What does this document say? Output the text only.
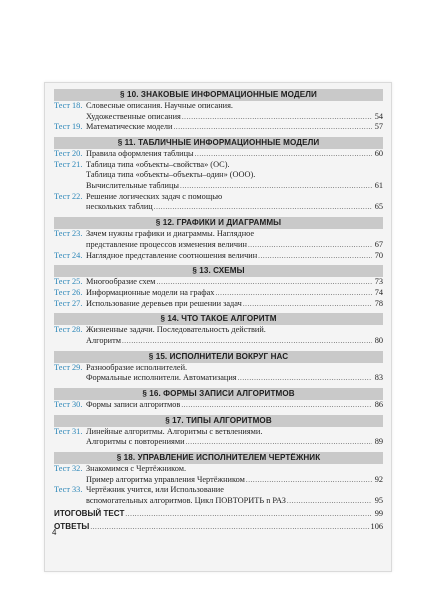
§ 10. ЗНАКОВЫЕ ИНФОРМАЦИОННЫЕ МОДЕЛИ
Тест 18. Словесные описания. Научные описания.
Художественные описания .....	54
Тест 19. Математические модели .....	57
§ 11. ТАБЛИЧНЫЕ ИНФОРМАЦИОННЫЕ МОДЕЛИ
Тест 20. Правила оформления таблицы .....	60
Тест 21. Таблица типа «объекты–свойства» (ОС).
Таблица типа «объекты–объекты–один» (ООО).
Вычислительные таблицы .....	61
Тест 22. Решение логических задач с помощью
нескольких таблиц .....	65
§ 12. ГРАФИКИ И ДИАГРАММЫ
Тест 23. Зачем нужны графики и диаграммы. Наглядное
представление процессов изменения величин .....	67
Тест 24. Наглядное представление соотношения величин .....	70
§ 13. СХЕМЫ
Тест 25. Многообразие схем .....	73
Тест 26. Информационные модели на графах .....	74
Тест 27. Использование деревьев при решении задач .....	78
§ 14. ЧТО ТАКОЕ АЛГОРИТМ
Тест 28. Жизненные задачи. Последовательность действий.
Алгоритм .....	80
§ 15. ИСПОЛНИТЕЛИ ВОКРУГ НАС
Тест 29. Разнообразие исполнителей.
Формальные исполнители. Автоматизация .....	83
§ 16. ФОРМЫ ЗАПИСИ АЛГОРИТМОВ
Тест 30. Формы записи алгоритмов .....	86
§ 17. ТИПЫ АЛГОРИТМОВ
Тест 31. Линейные алгоритмы. Алгоритмы с ветвлениями.
Алгоритмы с повторениями .....	89
§ 18. УПРАВЛЕНИЕ ИСПОЛНИТЕЛЕМ ЧЕРТЁЖНИК
Тест 32. Знакомимся с Чертёжником.
Пример алгоритма управления Чертёжником .....	92
Тест 33. Чертёжник учится, или Использование
вспомогательных алгоритмов. Цикл ПОВТОРИТЬ n РАЗ .....	95
ИТОГОВЫЙ ТЕСТ .....	99
ОТВЕТЫ .....	106
4
